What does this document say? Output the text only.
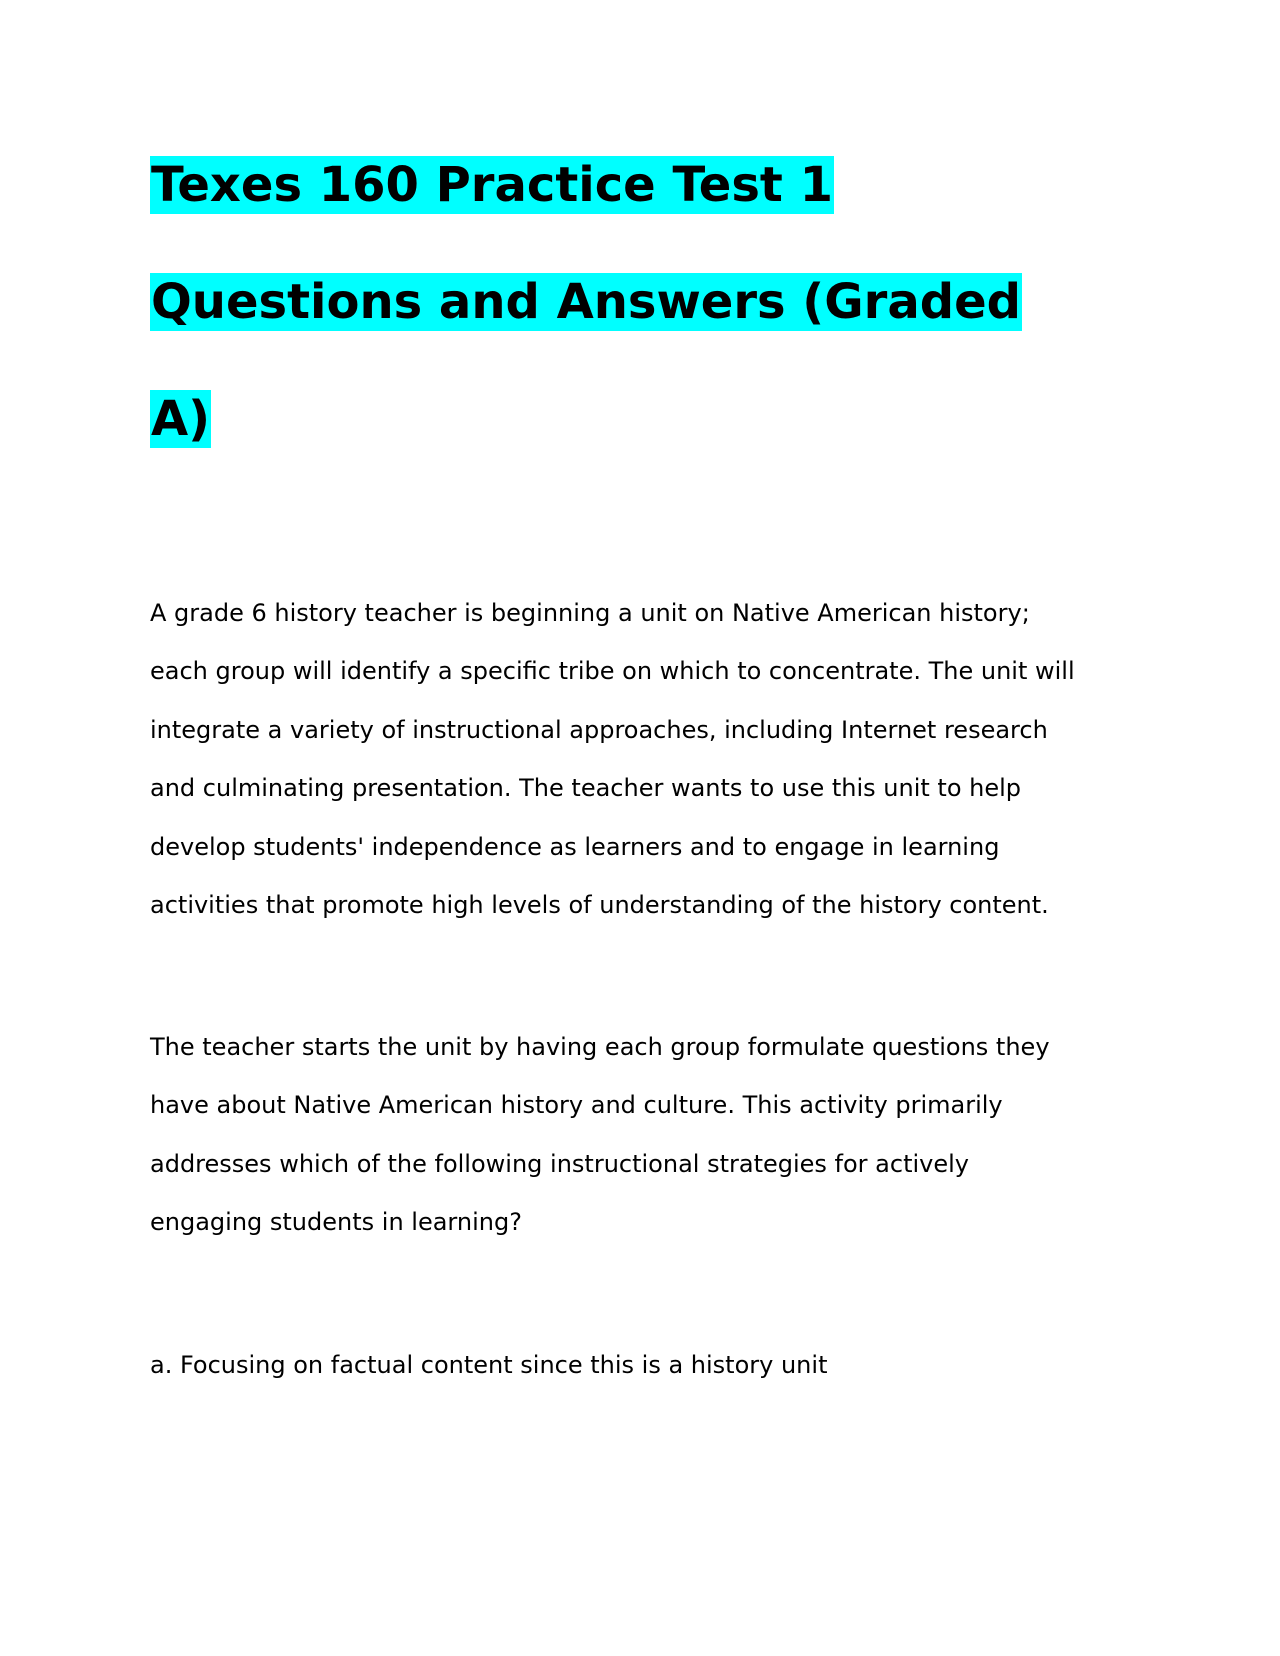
Texes 160 Practice Test 1
Questions and Answers (Graded
A)
A grade 6 history teacher is beginning a unit on Native American history;
each group will identify a specific tribe on which to concentrate. The unit will
integrate a variety of instructional approaches, including Internet research
and culminating presentation. The teacher wants to use this unit to help
develop students' independence as learners and to engage in learning
activities that promote high levels of understanding of the history content.
The teacher starts the unit by having each group formulate questions they
have about Native American history and culture. This activity primarily
addresses which of the following instructional strategies for actively
engaging students in learning?
a. Focusing on factual content since this is a history unit
